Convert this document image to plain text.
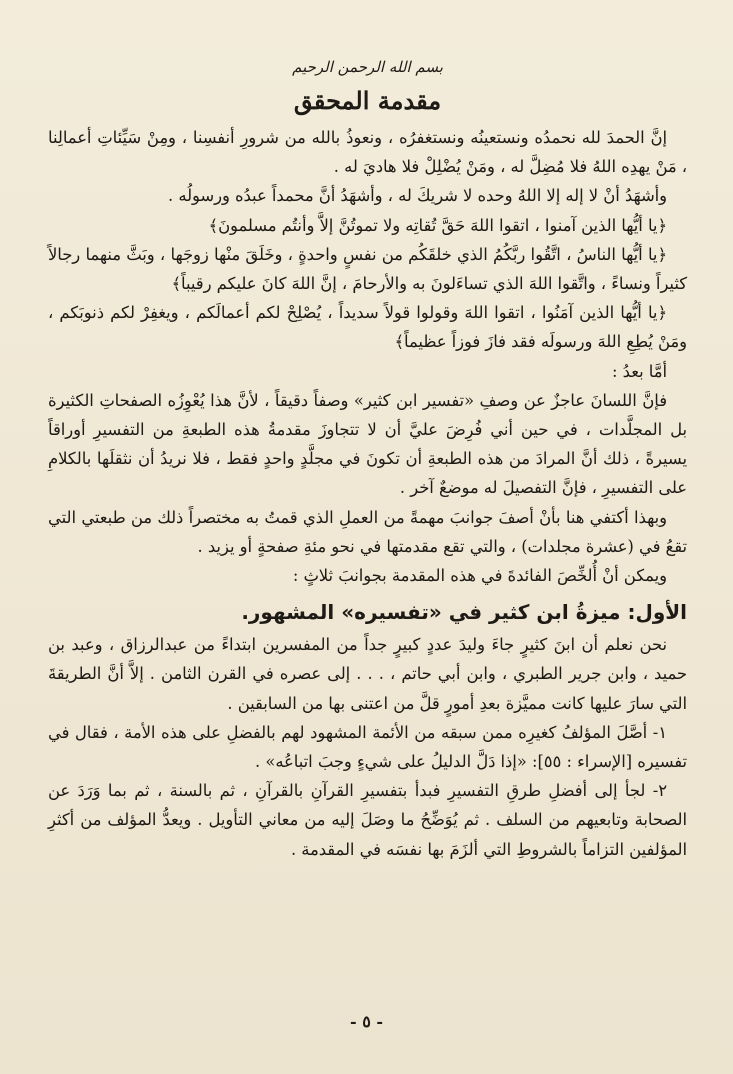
بسم الله الرحمن الرحيم
مقدمة المحقق

إنَّ الحمدَ لله نحمدُه ونستعينُه ونستغفرُه ، ونعوذُ بالله من شرورِ أنفسِنا ، ومِنْ سَيِّئاتِ أعمالِنا ، مَنْ يهدِه اللهُ فلا مُضِلَّ له ، ومَنْ يُضْلِلْ فلا هاديَ له .

وأشهَدُ أنْ لا إله إلا اللهُ وحده لا شريكَ له ، وأشهَدُ أنَّ محمداً عبدُه ورسولُه .

﴿يا أيُّها الذين آمنوا ، اتقوا اللهَ حَقَّ تُقاتِه ولا تموتُنَّ إلاَّ وأنتُم مسلمونَ﴾

﴿يا أيُّها الناسُ ، اتَّقُوا ربَّكُمُ الذي خلقَكُم من نفسٍ واحدةٍ ، وخَلَقَ منْها زوجَها ، وبَثَّ منهما رجالاً كثيراً ونساءً ، واتَّقوا اللهَ الذي تساءَلونَ به والأرحامَ ، إنَّ اللهَ كانَ عليكم رقيباً﴾

﴿يا أيُّها الذين آمَنُوا ، اتقوا اللهَ وقولوا قولاً سديداً ، يُصْلِحْ لكم أعمالَكم ، ويغفِرْ لكم ذنوبَكم ، ومَنْ يُطِعِ اللهَ ورسولَه فقد فازَ فوزاً عظيماً﴾

أمَّا بعدُ :

فإنَّ اللسانَ عاجزٌ عن وصفِ «تفسير ابن كثير» وصفاً دقيقاً ، لأنَّ هذا يُعْوِزُه الصفحاتِ الكثيرة بل المجلَّدات ، في حين أني فُرِضَ عليَّ أن لا تتجاوزَ مقدمةُ هذه الطبعةِ من التفسيرِ أوراقاً يسيرةً ، ذلك أنَّ المرادَ من هذه الطبعةِ أن تكونَ في مجلَّدٍ واحدٍ فقط ، فلا نريدُ أن نثقلَها بالكلامِ على التفسيرِ ، فإنَّ التفصيلَ له موضعٌ آخر .

وبهذا أكتفي هنا بأنْ أصفَ جوانبَ مهمةً من العملِ الذي قمتُ به مختصراً ذلك من طبعتي التي تقعُ في (عشرة مجلدات) ، والتي تقع مقدمتها في نحو مئةِ صفحةٍ أو يزيد .

ويمكن أنْ أُلخِّصَ الفائدةَ في هذه المقدمة بجوانبَ ثلاثٍ :

الأول: ميزةُ ابن كثير في «تفسيره» المشهور.

نحن نعلم أن ابنَ كثيرٍ جاءَ وليدَ عددٍ كبيرٍ جداً من المفسرين ابتداءً من عبدالرزاق ، وعبد بن حميد ، وابن جرير الطبري ، وابن أبي حاتم ، . . . إلى عصره في القرن الثامن . إلاَّ أنَّ الطريقةَ التي سارَ عليها كانت مميَّزة بعدِ أمورٍ قلَّ من اعتنى بها من السابقين .

١- أصَّلَ المؤلفُ كغيرِه ممن سبقه من الأئمة المشهود لهم بالفضلِ على هذه الأمة ، فقال في تفسيره [الإسراء : ٥٥]: «إذا دَلَّ الدليلُ على شيءٍ وجبَ اتباعُه» .

٢- لجأ إلى أفضلِ طرقِ التفسيرِ فبدأ بتفسيرِ القرآنِ بالقرآنِ ، ثم بالسنة ، ثم بما وَرَدَ عن الصحابة وتابعيهم من السلف . ثم يُوَضِّحُ ما وصَلَ إليه من معاني التأويل . ويعدُّ المؤلف من أكثرِ المؤلفين التزاماً بالشروطِ التي ألزَمَ بها نفسَه في المقدمة .

- ٥ -
